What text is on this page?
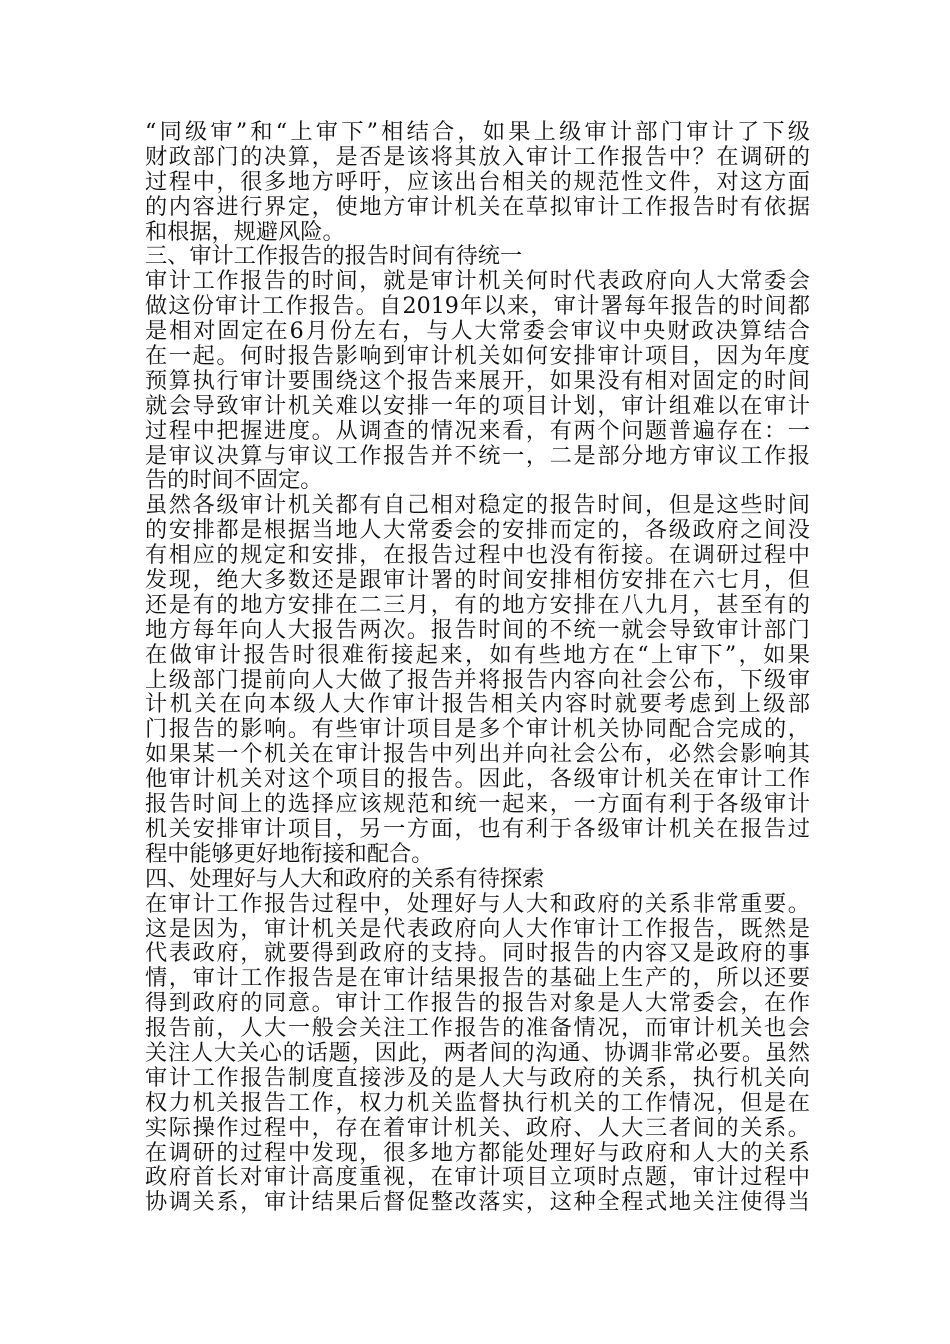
“同级审”和“上审下”相结合，如果上级审计部门审计了下级
财政部门的决算，是否是该将其放入审计工作报告中？在调研的
过程中，很多地方呼吁，应该出台相关的规范性文件，对这方面
的内容进行界定，使地方审计机关在草拟审计工作报告时有依据
和根据，规避风险。
三、审计工作报告的报告时间有待统一
审计工作报告的时间，就是审计机关何时代表政府向人大常委会
做这份审计工作报告。自2019年以来，审计署每年报告的时间都
是相对固定在6月份左右，与人大常委会审议中央财政决算结合
在一起。何时报告影响到审计机关如何安排审计项目，因为年度
预算执行审计要围绕这个报告来展开，如果没有相对固定的时间
就会导致审计机关难以安排一年的项目计划，审计组难以在审计
过程中把握进度。从调查的情况来看，有两个问题普遍存在：一
是审议决算与审议工作报告并不统一，二是部分地方审议工作报
告的时间不固定。
虽然各级审计机关都有自己相对稳定的报告时间，但是这些时间
的安排都是根据当地人大常委会的安排而定的，各级政府之间没
有相应的规定和安排，在报告过程中也没有衔接。在调研过程中
发现，绝大多数还是跟审计署的时间安排相仿安排在六七月，但
还是有的地方安排在二三月，有的地方安排在八九月，甚至有的
地方每年向人大报告两次。报告时间的不统一就会导致审计部门
在做审计报告时很难衔接起来，如有些地方在“上审下”，如果
上级部门提前向人大做了报告并将报告内容向社会公布，下级审
计机关在向本级人大作审计报告相关内容时就要考虑到上级部
门报告的影响。有些审计项目是多个审计机关协同配合完成的，
如果某一个机关在审计报告中列出并向社会公布，必然会影响其
他审计机关对这个项目的报告。因此，各级审计机关在审计工作
报告时间上的选择应该规范和统一起来，一方面有利于各级审计
机关安排审计项目，另一方面，也有利于各级审计机关在报告过
程中能够更好地衔接和配合。
四、处理好与人大和政府的关系有待探索
在审计工作报告过程中，处理好与人大和政府的关系非常重要。
这是因为，审计机关是代表政府向人大作审计工作报告，既然是
代表政府，就要得到政府的支持。同时报告的内容又是政府的事
情，审计工作报告是在审计结果报告的基础上生产的，所以还要
得到政府的同意。审计工作报告的报告对象是人大常委会，在作
报告前，人大一般会关注工作报告的准备情况，而审计机关也会
关注人大关心的话题，因此，两者间的沟通、协调非常必要。虽然
审计工作报告制度直接涉及的是人大与政府的关系，执行机关向
权力机关报告工作，权力机关监督执行机关的工作情况，但是在
实际操作过程中，存在着审计机关、政府、人大三者间的关系。
在调研的过程中发现，很多地方都能处理好与政府和人大的关系
政府首长对审计高度重视，在审计项目立项时点题，审计过程中
协调关系，审计结果后督促整改落实，这种全程式地关注使得当
